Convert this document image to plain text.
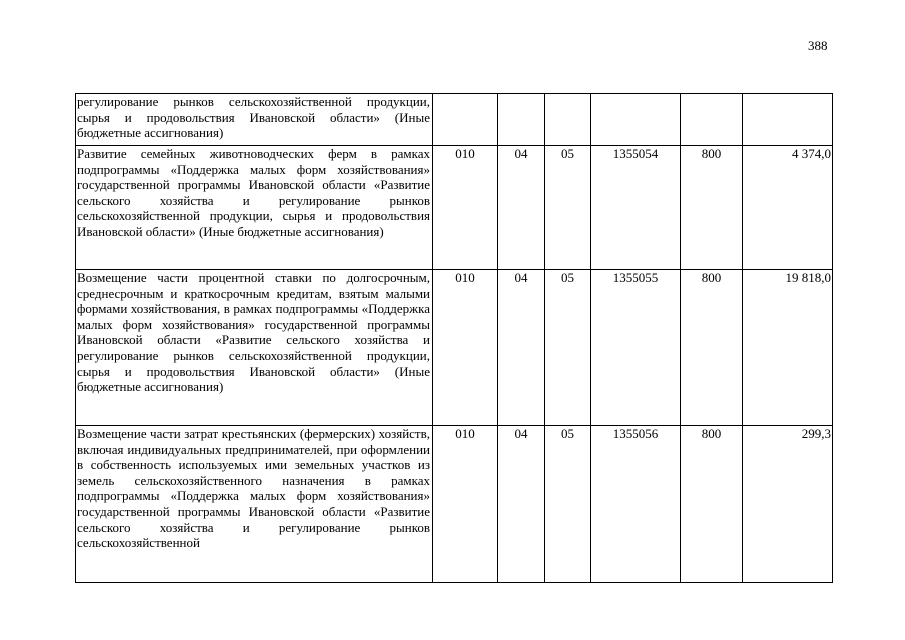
388
регулирование рынков сельскохозяйственной продукции, сырья и продовольствия Ивановской области» (Иные бюджетные ассигнования)						

Развитие семейных животноводческих ферм в рамках подпрограммы «Поддержка малых форм хозяйствования» государственной программы Ивановской области «Развитие сельского хозяйства и регулирование рынков сельскохозяйственной продукции, сырья и продовольствия Ивановской области» (Иные бюджетные ассигнования)	010	04	05	1355054	800	4 374,0

Возмещение части процентной ставки по долгосрочным, среднесрочным и краткосрочным кредитам, взятым малыми формами хозяйствования, в рамках подпрограммы «Поддержка малых форм хозяйствования» государственной программы Ивановской области «Развитие сельского хозяйства и регулирование рынков сельскохозяйственной продукции, сырья и продовольствия Ивановской области» (Иные бюджетные ассигнования)	010	04	05	1355055	800	19 818,0

Возмещение части затрат крестьянских (фермерских) хозяйств, включая индивидуальных предпринимателей, при оформлении в собственность используемых ими земельных участков из земель сельскохозяйственного назначения в рамках подпрограммы «Поддержка малых форм хозяйствования» государственной программы Ивановской области «Развитие сельского хозяйства и регулирование рынков сельскохозяйственной	010	04	05	1355056	800	299,3
